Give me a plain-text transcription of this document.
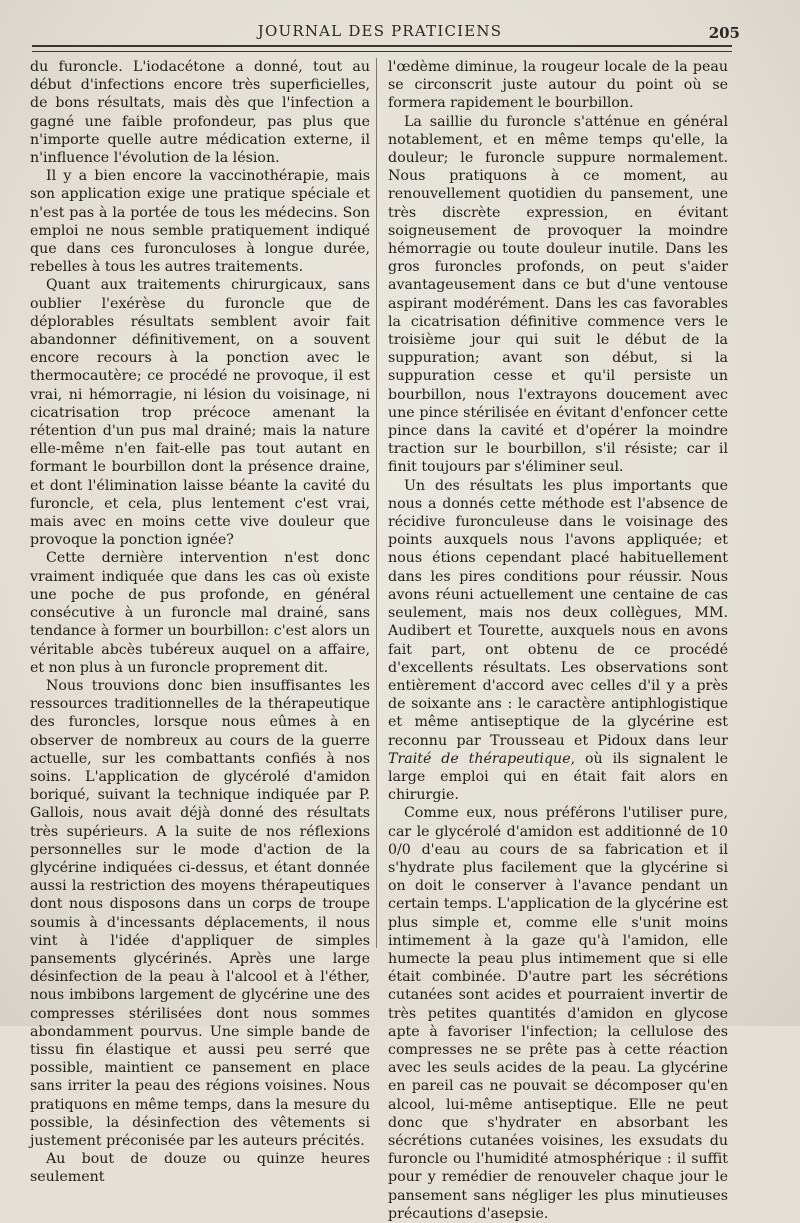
JOURNAL DES PRATICIENS	205

du furoncle. L'iodacétone a donné, tout au début d'infections encore très superficielles, de bons résultats, mais dès que l'infection a gagné une faible profondeur, pas plus que n'importe quelle autre médication externe, il n'influence l'évolution de la lésion.

Il y a bien encore la vaccinothérapie, mais son application exige une pratique spéciale et n'est pas à la portée de tous les médecins. Son emploi ne nous semble pratiquement indiqué que dans ces furonculoses à longue durée, rebelles à tous les autres traitements.

Quant aux traitements chirurgicaux, sans oublier l'exérèse du furoncle que de déplorables résultats semblent avoir fait abandonner définitivement, on a souvent encore recours à la ponction avec le thermocautère; ce procédé ne provoque, il est vrai, ni hémorragie, ni lésion du voisinage, ni cicatrisation trop précoce amenant la rétention d'un pus mal drainé; mais la nature elle-même n'en fait-elle pas tout autant en formant le bourbillon dont la présence draine, et dont l'élimination laisse béante la cavité du furoncle, et cela, plus lentement c'est vrai, mais avec en moins cette vive douleur que provoque la ponction ignée?

Cette dernière intervention n'est donc vraiment indiquée que dans les cas où existe une poche de pus profonde, en général consécutive à un furoncle mal drainé, sans tendance à former un bourbillon: c'est alors un véritable abcès tubéreux auquel on a affaire, et non plus à un furoncle proprement dit.

Nous trouvions donc bien insuffisantes les ressources traditionnelles de la thérapeutique des furoncles, lorsque nous eûmes à en observer de nombreux au cours de la guerre actuelle, sur les combattants confiés à nos soins. L'application de glycérolé d'amidon boriqué, suivant la technique indiquée par P. Gallois, nous avait déjà donné des résultats très supérieurs. A la suite de nos réflexions personnelles sur le mode d'action de la glycérine indiquées ci-dessus, et étant donnée aussi la restriction des moyens thérapeutiques dont nous disposons dans un corps de troupe soumis à d'incessants déplacements, il nous vint à l'idée d'appliquer de simples pansements glycérinés. Après une large désinfection de la peau à l'alcool et à l'éther, nous imbibons largement de glycérine une des compresses stérilisées dont nous sommes abondamment pourvus. Une simple bande de tissu fin élastique et aussi peu serré que possible, maintient ce pansement en place sans irriter la peau des régions voisines. Nous pratiquons en même temps, dans la mesure du possible, la désinfection des vêtements si justement préconisée par les auteurs précités.

Au bout de douze ou quinze heures seulement

l'œdème diminue, la rougeur locale de la peau se circonscrit juste autour du point où se formera rapidement le bourbillon.

La saillie du furoncle s'atténue en général notablement, et en même temps qu'elle, la douleur; le furoncle suppure normalement. Nous pratiquons à ce moment, au renouvellement quotidien du pansement, une très discrète expression, en évitant soigneusement de provoquer la moindre hémorragie ou toute douleur inutile. Dans les gros furoncles profonds, on peut s'aider avantageusement dans ce but d'une ventouse aspirant modérément. Dans les cas favorables la cicatrisation définitive commence vers le troisième jour qui suit le début de la suppuration; avant son début, si la suppuration cesse et qu'il persiste un bourbillon, nous l'extrayons doucement avec une pince stérilisée en évitant d'enfoncer cette pince dans la cavité et d'opérer la moindre traction sur le bourbillon, s'il résiste; car il finit toujours par s'éliminer seul.

Un des résultats les plus importants que nous a donnés cette méthode est l'absence de récidive furonculeuse dans le voisinage des points auxquels nous l'avons appliquée; et nous étions cependant placé habituellement dans les pires conditions pour réussir. Nous avons réuni actuellement une centaine de cas seulement, mais nos deux collègues, MM. Audibert et Tourette, auxquels nous en avons fait part, ont obtenu de ce procédé d'excellents résultats. Les observations sont entièrement d'accord avec celles d'il y a près de soixante ans : le caractère antiphlogistique et même antiseptique de la glycérine est reconnu par Trousseau et Pidoux dans leur Traité de thérapeutique, où ils signalent le large emploi qui en était fait alors en chirurgie.

Comme eux, nous préférons l'utiliser pure, car le glycérolé d'amidon est additionné de 10 0/0 d'eau au cours de sa fabrication et il s'hydrate plus facilement que la glycérine si on doit le conserver à l'avance pendant un certain temps. L'application de la glycérine est plus simple et, comme elle s'unit moins intimement à la gaze qu'à l'amidon, elle humecte la peau plus intimement que si elle était combinée. D'autre part les sécrétions cutanées sont acides et pourraient invertir de très petites quantités d'amidon en glycose apte à favoriser l'infection; la cellulose des compresses ne se prête pas à cette réaction avec les seuls acides de la peau. La glycérine en pareil cas ne pouvait se décomposer qu'en alcool, lui-même antiseptique. Elle ne peut donc que s'hydrater en absorbant les sécrétions cutanées voisines, les exsudats du furoncle ou l'humidité atmosphérique : il suffit pour y remédier de renouveler chaque jour le pansement sans négliger les plus minutieuses précautions d'asepsie.
